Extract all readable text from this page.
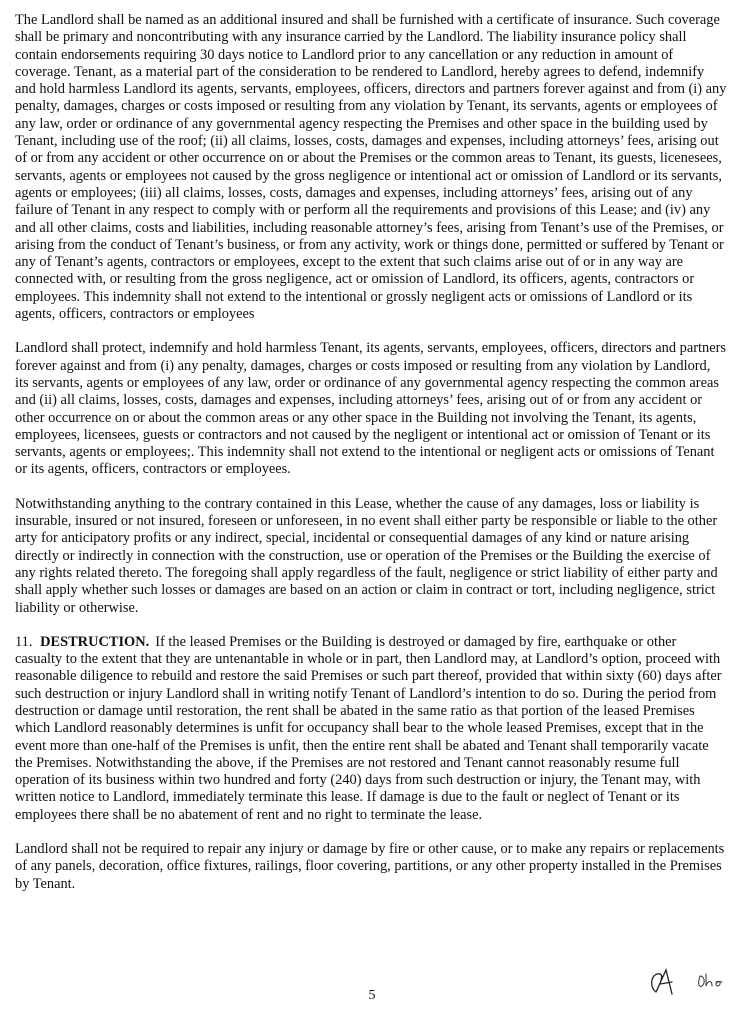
The Landlord shall be named as an additional insured and shall be furnished with a certificate of insurance. Such coverage shall be primary and noncontributing with any insurance carried by the Landlord. The liability insurance policy shall contain endorsements requiring 30 days notice to Landlord prior to any cancellation or any reduction in amount of coverage. Tenant, as a material part of the consideration to be rendered to Landlord, hereby agrees to defend, indemnify and hold harmless Landlord its agents, servants, employees, officers, directors and partners forever against and from (i) any penalty, damages, charges or costs imposed or resulting from any violation by Tenant, its servants, agents or employees of any law, order or ordinance of any governmental agency respecting the Premises and other space in the building used by Tenant, including use of the roof; (ii) all claims, losses, costs, damages and expenses, including attorneys’ fees, arising out of or from any accident or other occurrence on or about the Premises or the common areas to Tenant, its guests, licenesees, servants, agents or employees not caused by the gross negligence or intentional act or omission of Landlord or its servants, agents or employees; (iii) all claims, losses, costs, damages and expenses, including attorneys’ fees, arising out of any failure of Tenant in any respect to comply with or perform all the requirements and provisions of this Lease; and (iv) any and all other claims, costs and liabilities, including reasonable attorney’s fees, arising from Tenant’s use of the Premises, or arising from the conduct of Tenant’s business, or from any activity, work or things done, permitted or suffered by Tenant or any of Tenant’s agents, contractors or employees, except to the extent that such claims arise out of or in any way are connected with, or resulting from the gross negligence, act or omission of Landlord, its officers, agents, contractors or employees. This indemnity shall not extend to the intentional or grossly negligent acts or omissions of Landlord or its agents, officers, contractors or employees

Landlord shall protect, indemnify and hold harmless Tenant, its agents, servants, employees, officers, directors and partners forever against and from (i) any penalty, damages, charges or costs imposed or resulting from any violation by Landlord, its servants, agents or employees of any law, order or ordinance of any governmental agency respecting the common areas and (ii) all claims, losses, costs, damages and expenses, including attorneys’ fees, arising out of or from any accident or other occurrence on or about the common areas or any other space in the Building not involving the Tenant, its agents, employees, licensees, guests or contractors and not caused by the negligent or intentional act or omission of Tenant or its servants, agents or employees;. This indemnity shall not extend to the intentional or negligent acts or omissions of Tenant or its agents, officers, contractors or employees.

Notwithstanding anything to the contrary contained in this Lease, whether the cause of any damages, loss or liability is insurable, insured or not insured, foreseen or unforeseen, in no event shall either party be responsible or liable to the other arty for anticipatory profits or any indirect, special, incidental or consequential damages of any kind or nature arising directly or indirectly in connection with the construction, use or operation of the Premises or the Building the exercise of any rights related thereto. The foregoing shall apply regardless of the fault, negligence or strict liability of either party and shall apply whether such losses or damages are based on an action or claim in contract or tort, including negligence, strict liability or otherwise.

11. DESTRUCTION. If the leased Premises or the Building is destroyed or damaged by fire, earthquake or other casualty to the extent that they are untenantable in whole or in part, then Landlord may, at Landlord’s option, proceed with reasonable diligence to rebuild and restore the said Premises or such part thereof, provided that within sixty (60) days after such destruction or injury Landlord shall in writing notify Tenant of Landlord’s intention to do so. During the period from destruction or damage until restoration, the rent shall be abated in the same ratio as that portion of the leased Premises which Landlord reasonably determines is unfit for occupancy shall bear to the whole leased Premises, except that in the event more than one-half of the Premises is unfit, then the entire rent shall be abated and Tenant shall temporarily vacate the Premises. Notwithstanding the above, if the Premises are not restored and Tenant cannot reasonably resume full operation of its business within two hundred and forty (240) days from such destruction or injury, the Tenant may, with written notice to Landlord, immediately terminate this lease. If damage is due to the fault or neglect of Tenant or its employees there shall be no abatement of rent and no right to terminate the lease.

Landlord shall not be required to repair any injury or damage by fire or other cause, or to make any repairs or replacements of any panels, decoration, office fixtures, railings, floor covering, partitions, or any other property installed in the Premises by Tenant.

5
